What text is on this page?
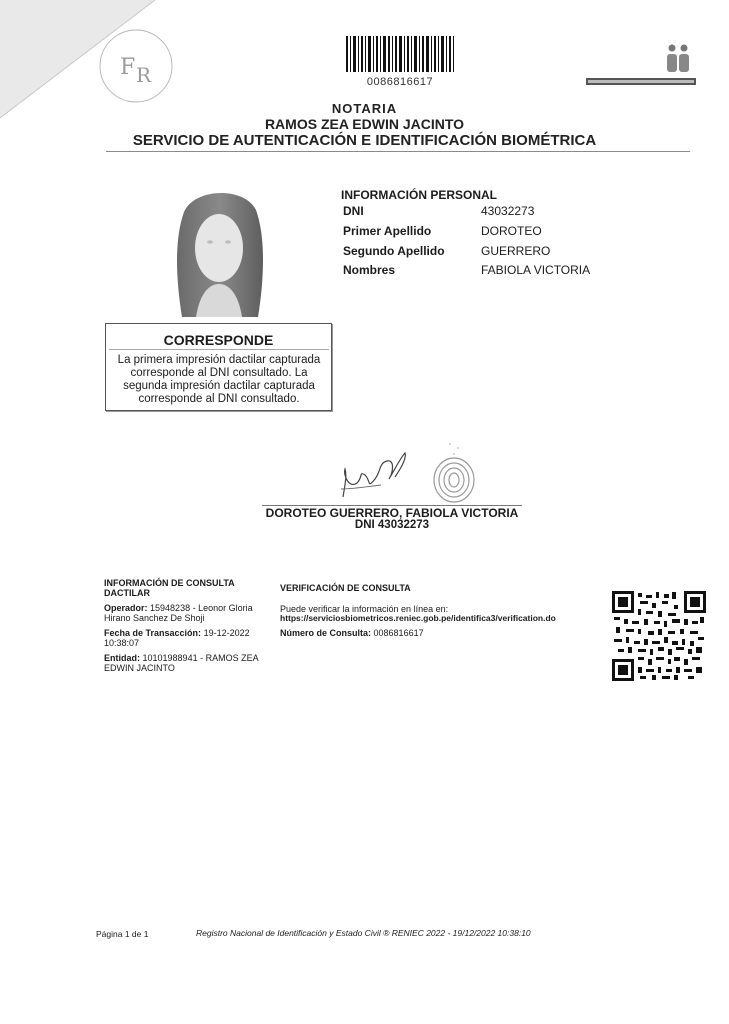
F R	0086816617
NOTARIA
RAMOS ZEA EDWIN JACINTO
SERVICIO DE AUTENTICACIÓN E IDENTIFICACIÓN BIOMÉTRICA
INFORMACIÓN PERSONAL
DNI	43032273
Primer Apellido	DOROTEO
Segundo Apellido	GUERRERO
Nombres	FABIOLA VICTORIA
CORRESPONDE
La primera impresión dactilar capturada corresponde al DNI consultado. La segunda impresión dactilar capturada corresponde al DNI consultado.
DOROTEO GUERRERO, FABIOLA VICTORIA
DNI 43032273
INFORMACIÓN DE CONSULTA DACTILAR
Operador: 15948238 - Leonor Gloria Hirano Sanchez De Shoji
Fecha de Transacción: 19-12-2022 10:38:07
Entidad: 10101988941 - RAMOS ZEA EDWIN JACINTO
VERIFICACIÓN DE CONSULTA
Puede verificar la información en línea en:
https://serviciosbiometricos.reniec.gob.pe/identifica3/verification.do
Número de Consulta: 0086816617
Página 1 de 1	Registro Nacional de Identificación y Estado Civil ® RENIEC 2022 - 19/12/2022 10:38:10
